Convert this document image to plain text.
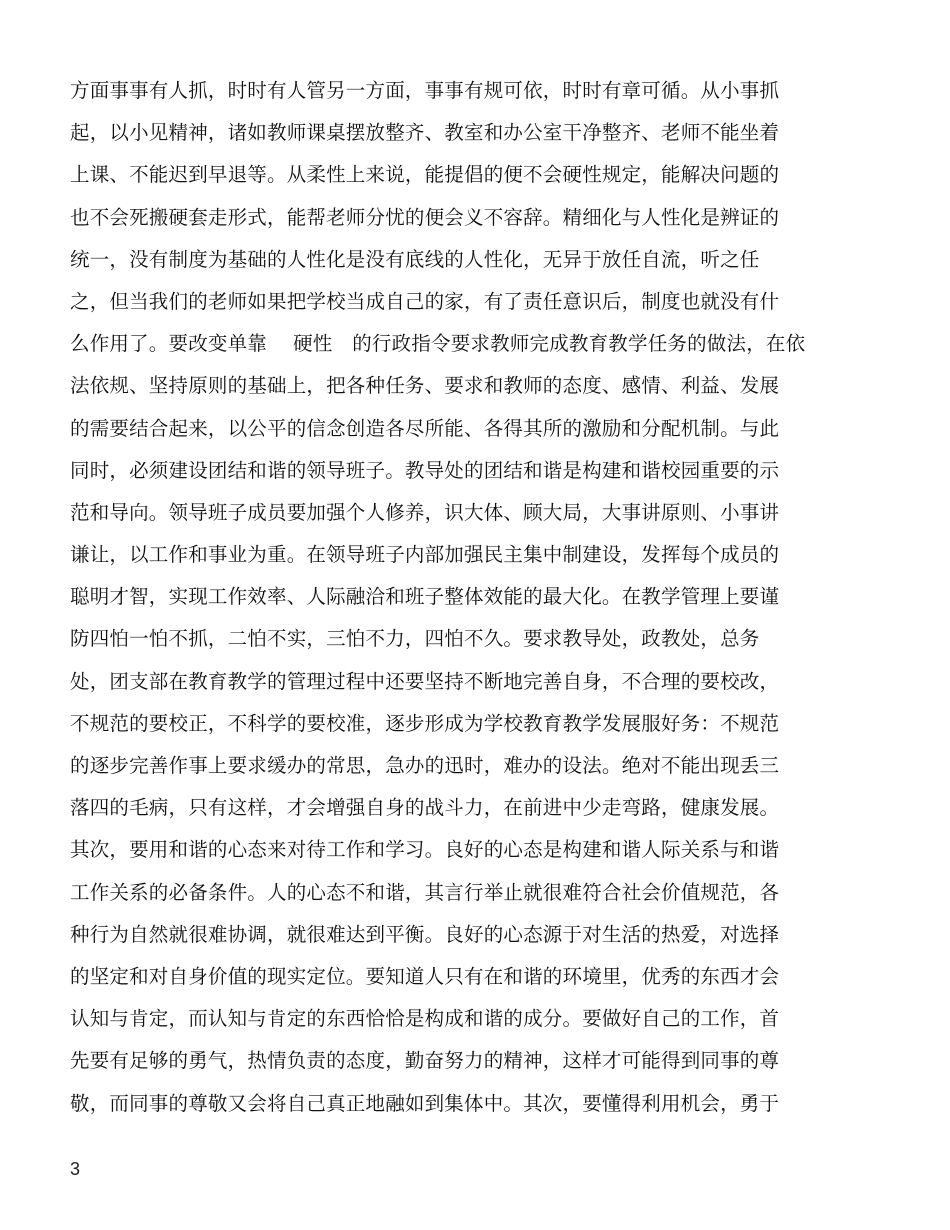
方面事事有人抓，时时有人管另一方面，事事有规可依，时时有章可循。从小事抓
起，以小见精神，诸如教师课桌摆放整齐、教室和办公室干净整齐、老师不能坐着
上课、不能迟到早退等。从柔性上来说，能提倡的便不会硬性规定，能解决问题的
也不会死搬硬套走形式，能帮老师分忧的便会义不容辞。精细化与人性化是辨证的
统一，没有制度为基础的人性化是没有底线的人性化，无异于放任自流，听之任
之，但当我们的老师如果把学校当成自己的家，有了责任意识后，制度也就没有什
么作用了。要改变单靠　 硬性　的行政指令要求教师完成教育教学任务的做法，在依
法依规、坚持原则的基础上，把各种任务、要求和教师的态度、感情、利益、发展
的需要结合起来，以公平的信念创造各尽所能、各得其所的激励和分配机制。与此
同时，必须建设团结和谐的领导班子。教导处的团结和谐是构建和谐校园重要的示
范和导向。领导班子成员要加强个人修养，识大体、顾大局，大事讲原则、小事讲
谦让，以工作和事业为重。在领导班子内部加强民主集中制建设，发挥每个成员的
聪明才智，实现工作效率、人际融洽和班子整体效能的最大化。在教学管理上要谨
防四怕一怕不抓，二怕不实，三怕不力，四怕不久。要求教导处，政教处，总务
处，团支部在教育教学的管理过程中还要坚持不断地完善自身，不合理的要校改，
不规范的要校正，不科学的要校准，逐步形成为学校教育教学发展服好务：不规范
的逐步完善作事上要求缓办的常思，急办的迅时，难办的设法。绝对不能出现丢三
落四的毛病，只有这样，才会增强自身的战斗力，在前进中少走弯路，健康发展。
其次，要用和谐的心态来对待工作和学习。良好的心态是构建和谐人际关系与和谐
工作关系的必备条件。人的心态不和谐，其言行举止就很难符合社会价值规范，各
种行为自然就很难协调，就很难达到平衡。良好的心态源于对生活的热爱，对选择
的坚定和对自身价值的现实定位。要知道人只有在和谐的环境里，优秀的东西才会
认知与肯定，而认知与肯定的东西恰恰是构成和谐的成分。要做好自己的工作，首
先要有足够的勇气，热情负责的态度，勤奋努力的精神，这样才可能得到同事的尊
敬，而同事的尊敬又会将自己真正地融如到集体中。其次，要懂得利用机会，勇于
3
